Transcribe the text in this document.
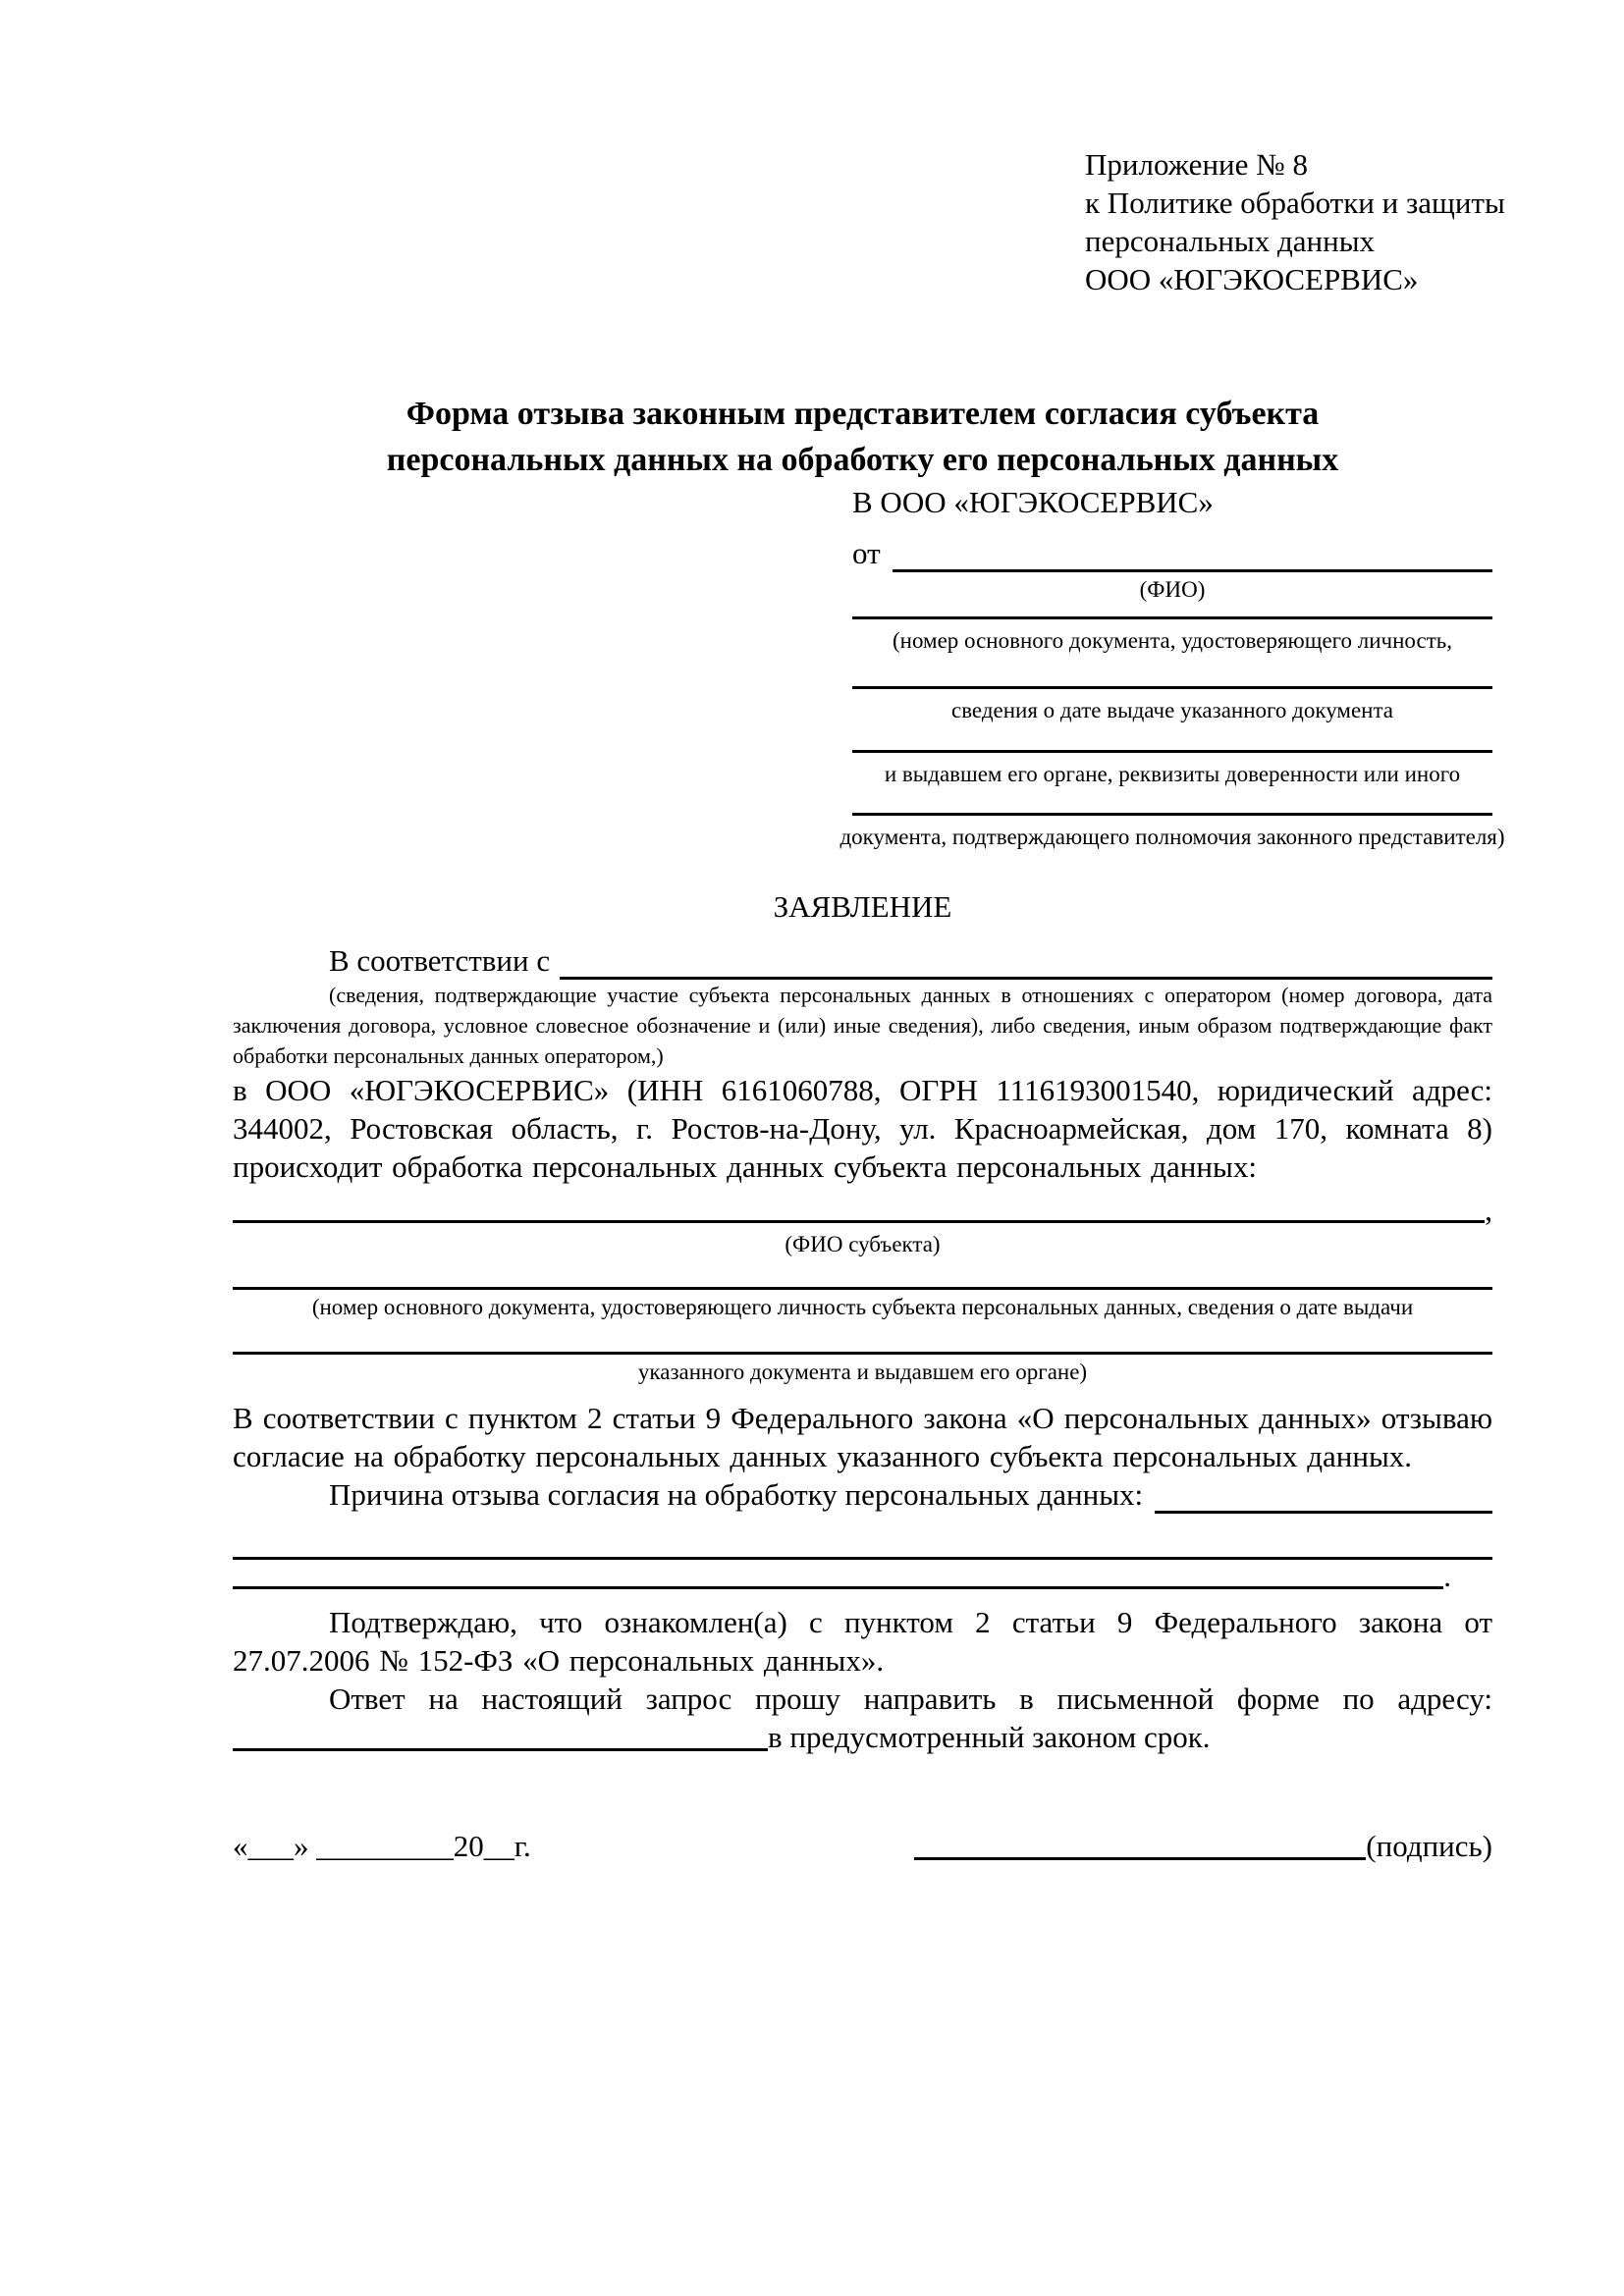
Приложение № 8
к Политике обработки и защиты
персональных данных
ООО «ЮГЭКОСЕРВИС»
Форма отзыва законным представителем согласия субъекта
персональных данных на обработку его персональных данных
В ООО «ЮГЭКОСЕРВИС»
от
(ФИО)
(номер основного документа, удостоверяющего личность,
сведения о дате выдаче указанного документа
и выдавшем его органе, реквизиты доверенности или иного
документа, подтверждающего полномочия законного представителя)
ЗАЯВЛЕНИЕ
В соответствии с

(сведения, подтверждающие участие субъекта персональных данных в отношениях с оператором (номер договора, дата заключения договора, условное словесное обозначение и (или) иные сведения), либо сведения, иным образом подтверждающие факт обработки персональных данных оператором,)

в ООО «ЮГЭКОСЕРВИС» (ИНН 6161060788, ОГРН 1116193001540, юридический адрес: 344002, Ростовская область, г. Ростов-на-Дону, ул. Красноармейская, дом 170, комната 8) происходит обработка персональных данных субъекта персональных данных:

,
(ФИО субъекта)
(номер основного документа, удостоверяющего личность субъекта персональных данных, сведения о дате выдачи
указанного документа и выдавшем его органе)

В соответствии с пунктом 2 статьи 9 Федерального закона «О персональных данных» отзываю согласие на обработку персональных данных указанного субъекта персональных данных.

Причина отзыва согласия на обработку персональных данных:
.

Подтверждаю, что ознакомлен(а) с пунктом 2 статьи 9 Федерального закона от 27.07.2006 № 152-ФЗ «О персональных данных».

Ответ на настоящий запрос прошу направить в письменной форме по адресу:

в предусмотренный законом срок.
«___» _________20__г.	(подпись)
